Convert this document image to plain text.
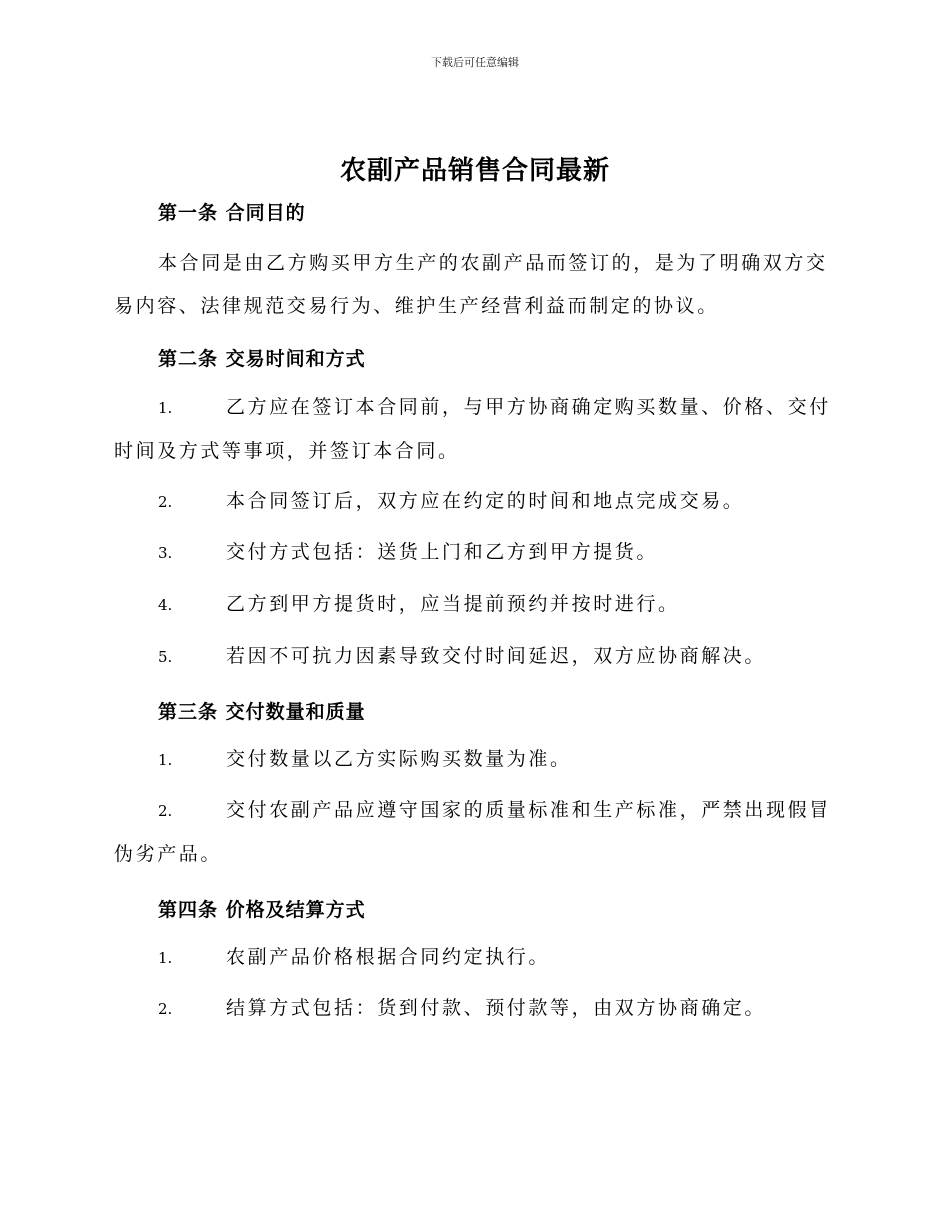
下载后可任意编辑
农副产品销售合同最新
第一条 合同目的
本合同是由乙方购买甲方生产的农副产品而签订的，是为了明确双方交易内容、法律规范交易行为、维护生产经营利益而制定的协议。
第二条 交易时间和方式
1.	乙方应在签订本合同前，与甲方协商确定购买数量、价格、交付时间及方式等事项，并签订本合同。
2.	本合同签订后，双方应在约定的时间和地点完成交易。
3.	交付方式包括：送货上门和乙方到甲方提货。
4.	乙方到甲方提货时，应当提前预约并按时进行。
5.	若因不可抗力因素导致交付时间延迟，双方应协商解决。
第三条 交付数量和质量
1.	交付数量以乙方实际购买数量为准。
2.	交付农副产品应遵守国家的质量标准和生产标准，严禁出现假冒伪劣产品。
第四条 价格及结算方式
1.	农副产品价格根据合同约定执行。
2.	结算方式包括：货到付款、预付款等，由双方协商确定。
